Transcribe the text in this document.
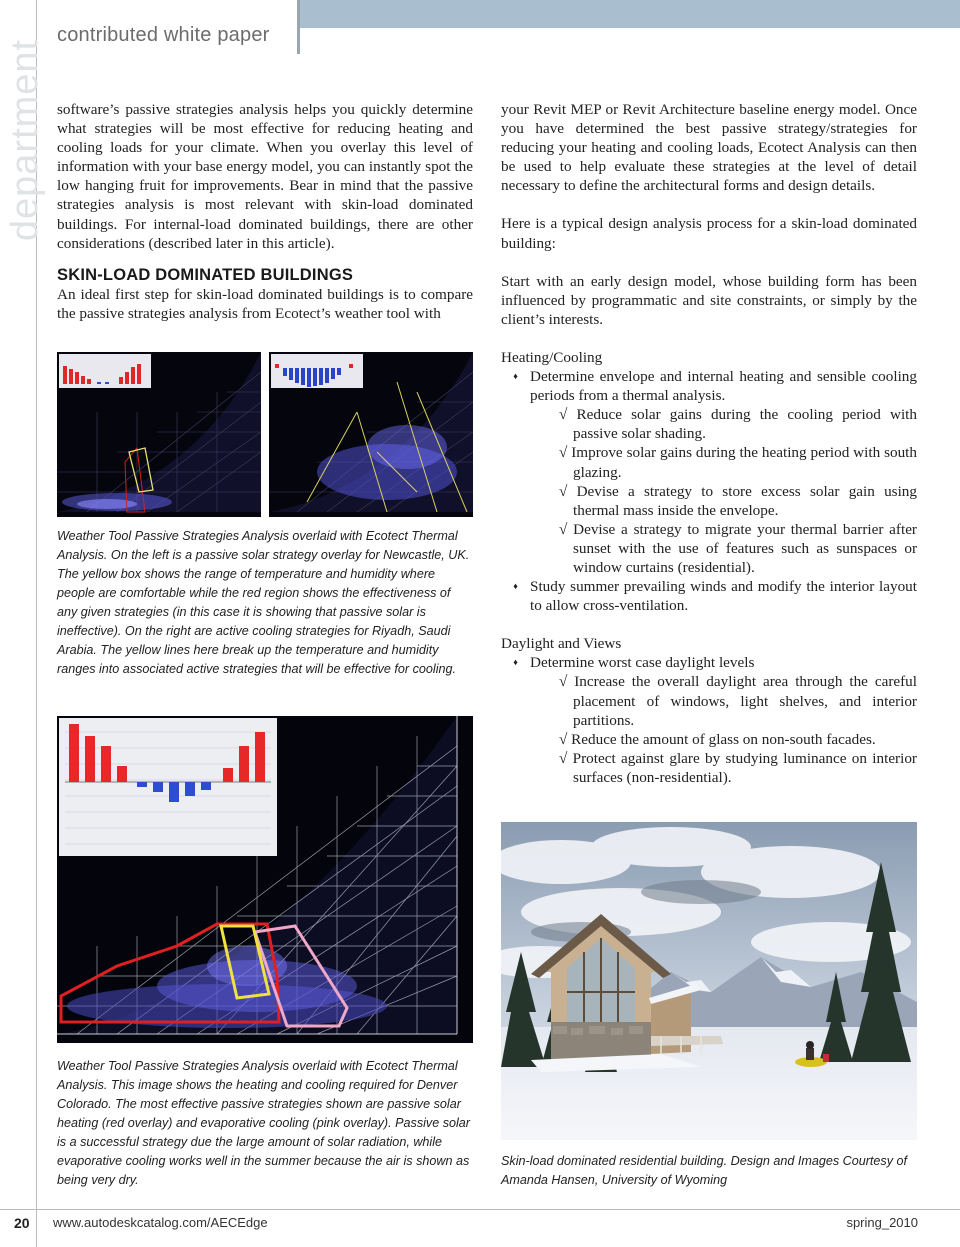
contributed white paper
department software’s passive strategies analysis helps you quickly determine what strategies will be most effective for reducing heating and cooling loads for your climate. When you overlay this level of information with your base energy model, you can instantly spot the low hanging fruit for improvements. Bear in mind that the passive strategies analysis is most relevant with skin-load dominated buildings. For internal-load dominated buildings, there are other considerations (described later in this article).
SKIN-LOAD DOMINATED BUILDINGS
An ideal first step for skin-load dominated buildings is to compare the passive strategies analysis from Ecotect’s weather tool with
Weather Tool Passive Strategies Analysis overlaid with Ecotect Thermal Analysis. On the left is a passive solar strategy overlay for Newcastle, UK. The yellow box shows the range of temperature and humidity where people are comfortable while the red region shows the effectiveness of any given strategies (in this case it is showing that passive solar is ineffective). On the right are active cooling strategies for Riyadh, Saudi Arabia. The yellow lines here break up the temperature and humidity ranges into associated active strategies that will be effective for cooling.
Weather Tool Passive Strategies Analysis overlaid with Ecotect Thermal Analysis. This image shows the heating and cooling required for Denver Colorado. The most effective passive strategies shown are passive solar heating (red overlay) and evaporative cooling (pink overlay). Passive solar is a successful strategy due the large amount of solar radiation, while evaporative cooling works well in the summer because the air is shown as being very dry.
your Revit MEP or Revit Architecture baseline energy model. Once you have determined the best passive strategy/strategies for reducing your heating and cooling loads, Ecotect Analysis can then be used to help evaluate these strategies at the level of detail necessary to define the architectural forms and design details.
Here is a typical design analysis process for a skin-load dominated building:
Start with an early design model, whose building form has been influenced by programmatic and site constraints, or simply by the client’s interests.
Heating/Cooling
♦ Determine envelope and internal heating and sensible cooling periods from a thermal analysis.
√ Reduce solar gains during the cooling period with passive solar shading.
√ Improve solar gains during the heating period with south glazing.
√ Devise a strategy to store excess solar gain using thermal mass inside the envelope.
√ Devise a strategy to migrate your thermal barrier after sunset with the use of features such as sunspaces or window curtains (residential).
♦ Study summer prevailing winds and modify the interior layout to allow cross-ventilation.
Daylight and Views
♦ Determine worst case daylight levels
√ Increase the overall daylight area through the careful placement of windows, light shelves, and interior partitions.
√ Reduce the amount of glass on non-south facades.
√ Protect against glare by studying luminance on interior surfaces (non-residential).
Skin-load dominated residential building. Design and Images Courtesy of Amanda Hansen, University of Wyoming
20 www.autodeskcatalog.com/AECEdge	spring_2010
